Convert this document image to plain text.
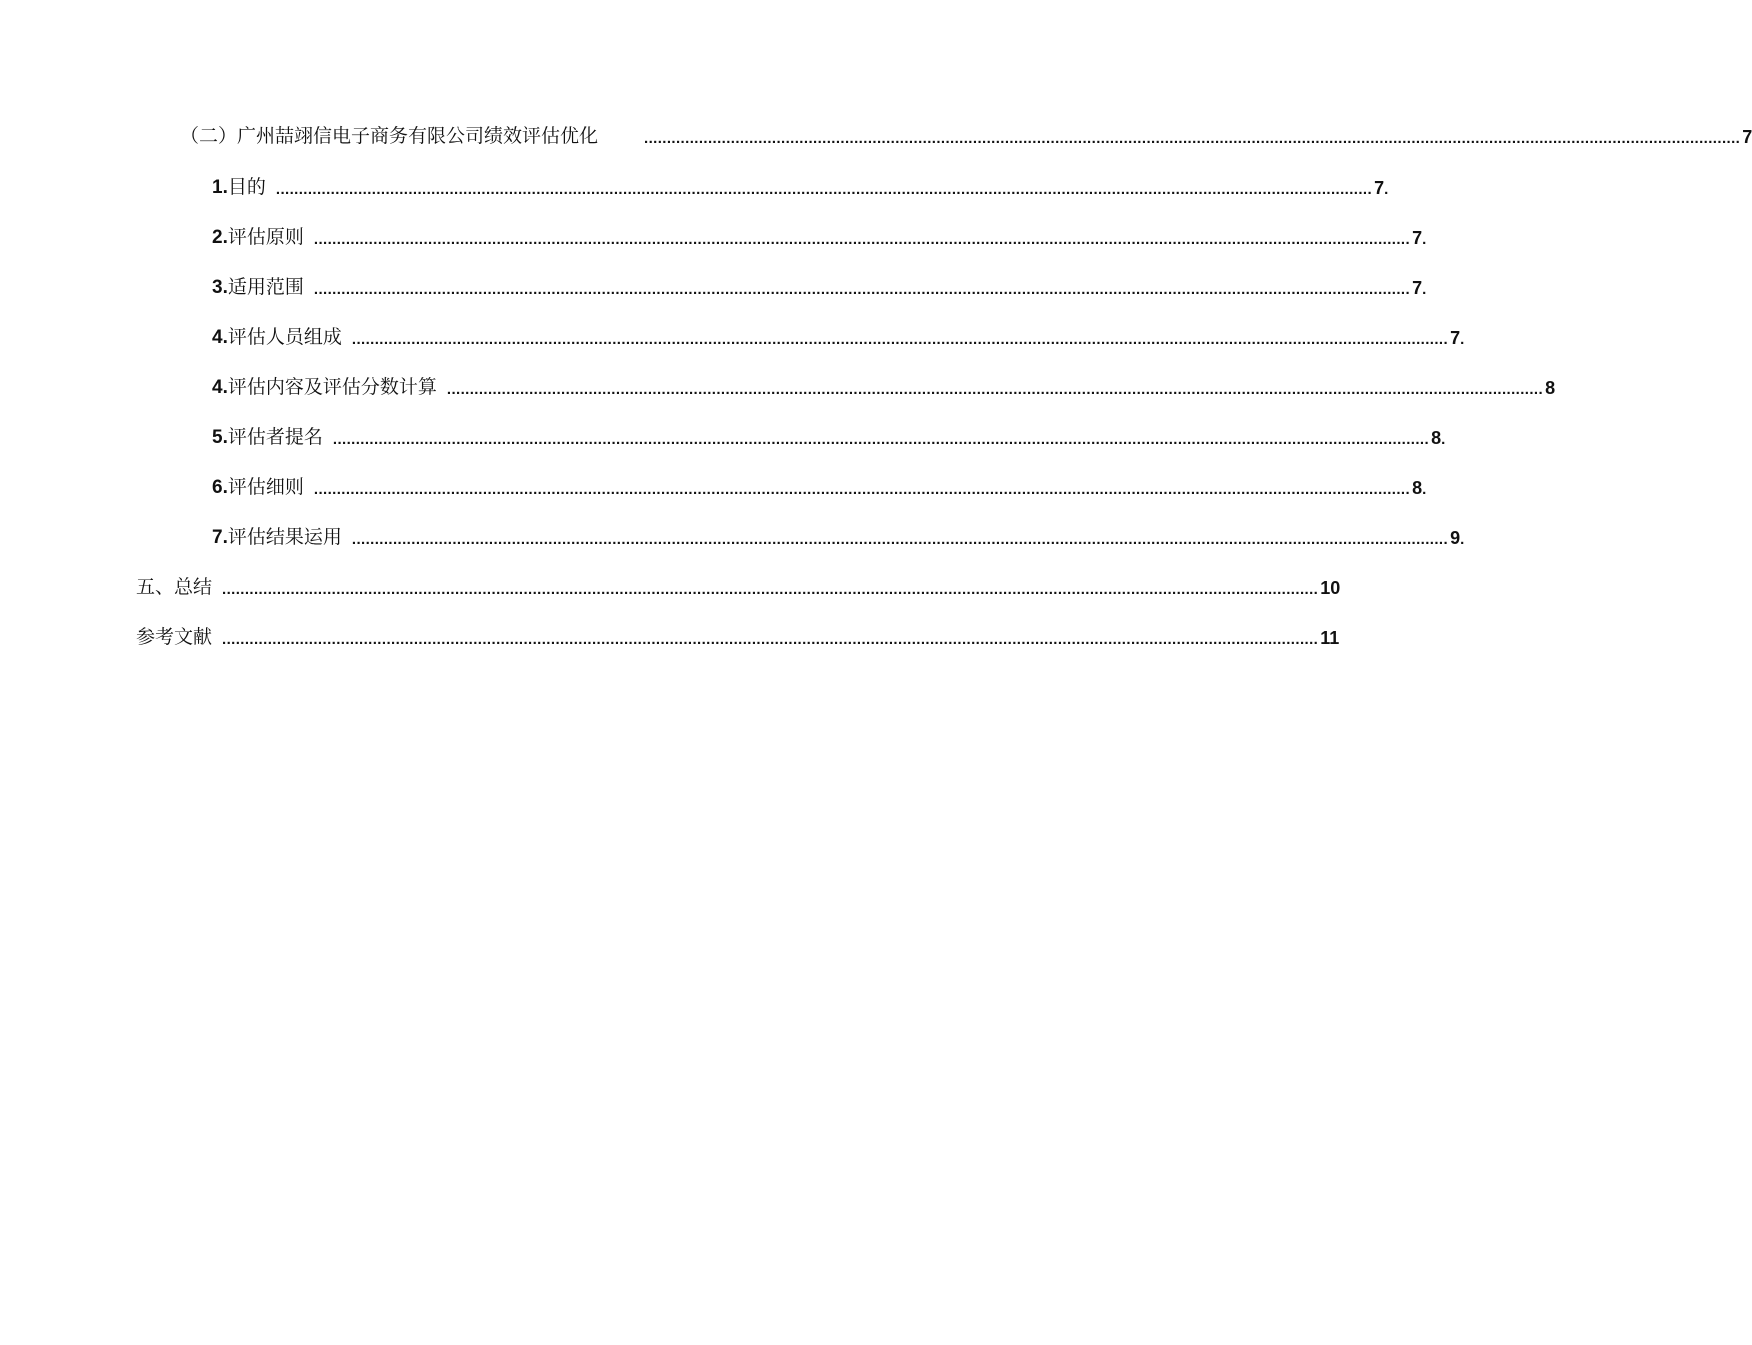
（二）广州喆翊信电子商务有限公司绩效评估优化	................................................................................................................................................................................................................................................ 7
1.目的 ................................................................................................................................................................................................................................................ 7 .
2.评估原则 ................................................................................................................................................................................................................................................ 7 .
3.适用范围 ................................................................................................................................................................................................................................................ 7 .
4.评估人员组成 ................................................................................................................................................................................................................................................ 7 .
4.评估内容及评估分数计算 ................................................................................................................................................................................................................................................ 8
5.评估者提名 ................................................................................................................................................................................................................................................ 8 .
6.评估细则 ................................................................................................................................................................................................................................................ 8 .
7.评估结果运用 ................................................................................................................................................................................................................................................ 9 .
五、总结 ................................................................................................................................................................................................................................................ 10
参考文献 ................................................................................................................................................................................................................................................ 11
